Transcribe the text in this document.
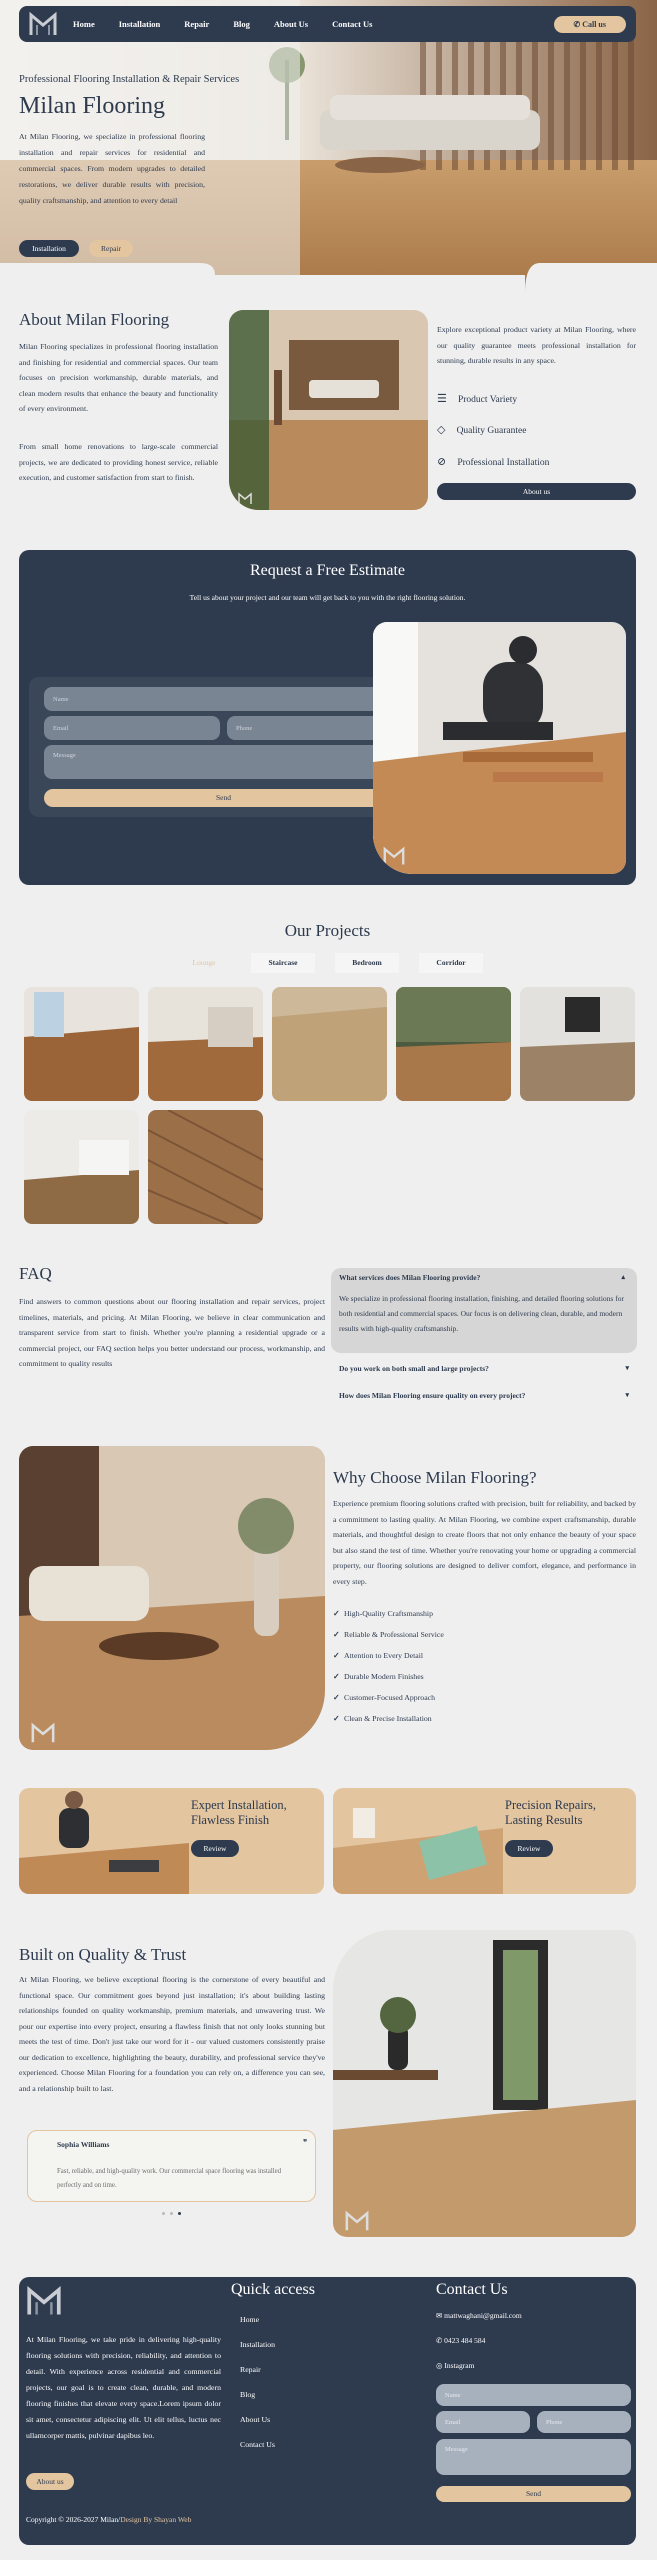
Home	Installation	Repair	Blog	About Us	Contact Us	✆ Call us
Professional Flooring Installation & Repair Services
Milan Flooring
At Milan Flooring, we specialize in professional flooring installation and repair services for residential and commercial spaces. From modern upgrades to detailed restorations, we deliver durable results with precision, quality craftsmanship, and attention to every detail
Installation	Repair
About Milan Flooring
Milan Flooring specializes in professional flooring installation and finishing for residential and commercial spaces. Our team focuses on precision workmanship, durable materials, and clean modern results that enhance the beauty and functionality of every environment.
From small home renovations to large-scale commercial projects, we are dedicated to providing honest service, reliable execution, and customer satisfaction from start to finish.
Explore exceptional product variety at Milan Flooring, where our quality guarantee meets professional installation for stunning, durable results in any space.
☰ Product Variety
◇ Quality Guarantee
⊘ Professional Installation
About us
Request a Free Estimate
Tell us about your project and our team will get back to you with the right flooring solution.
Name
Email	Phone
Message
Send
Our Projects
Lounge	Staircase	Bedroom	Corridor
FAQ
Find answers to common questions about our flooring installation and repair services, project timelines, materials, and pricing. At Milan Flooring, we believe in clear communication and transparent service from start to finish. Whether you're planning a residential upgrade or a commercial project, our FAQ section helps you better understand our process, workmanship, and commitment to quality results
What services does Milan Flooring provide?	▴
We specialize in professional flooring installation, finishing, and detailed flooring solutions for both residential and commercial spaces. Our focus is on delivering clean, durable, and modern results with high-quality craftsmanship.
Do you work on both small and large projects?	▾
How does Milan Flooring ensure quality on every project?	▾
Why Choose Milan Flooring?
Experience premium flooring solutions crafted with precision, built for reliability, and backed by a commitment to lasting quality. At Milan Flooring, we combine expert craftsmanship, durable materials, and thoughtful design to create floors that not only enhance the beauty of your space but also stand the test of time. Whether you're renovating your home or upgrading a commercial property, our flooring solutions are designed to deliver comfort, elegance, and performance in every step.
✓ High-Quality Craftsmanship
✓ Reliable & Professional Service
✓ Attention to Every Detail
✓ Durable Modern Finishes
✓ Customer-Focused Approach
✓ Clean & Precise Installation
Expert Installation, Flawless Finish
Review
Precision Repairs, Lasting Results
Review
Built on Quality & Trust
At Milan Flooring, we believe exceptional flooring is the cornerstone of every beautiful and functional space. Our commitment goes beyond just installation; it's about building lasting relationships founded on quality workmanship, premium materials, and unwavering trust. We pour our expertise into every project, ensuring a flawless finish that not only looks stunning but meets the test of time. Don't just take our word for it - our valued customers consistently praise our dedication to excellence, highlighting the beauty, durability, and professional service they've experienced. Choose Milan Flooring for a foundation you can rely on, a difference you can see, and a relationship built to last.
Sophia Williams	❞
Fast, reliable, and high-quality work. Our commercial space flooring was installed perfectly and on time.
At Milan Flooring, we take pride in delivering high-quality flooring solutions with precision, reliability, and attention to detail. With experience across residential and commercial projects, our goal is to create clean, durable, and modern flooring finishes that elevate every space.Lorem ipsum dolor sit amet, consectetur adipiscing elit. Ut elit tellus, luctus nec ullamcorper mattis, pulvinar dapibus leo.
About us
Copyright © 2026-2027 Milan/Design By Shayan Web
Quick access
Home
Installation
Repair
Blog
About Us
Contact Us
Contact Us
✉ mattwaghani@gmail.com
✆ 0423 484 584
◎ Instagram
Name
Email	Phone
Message
Send
